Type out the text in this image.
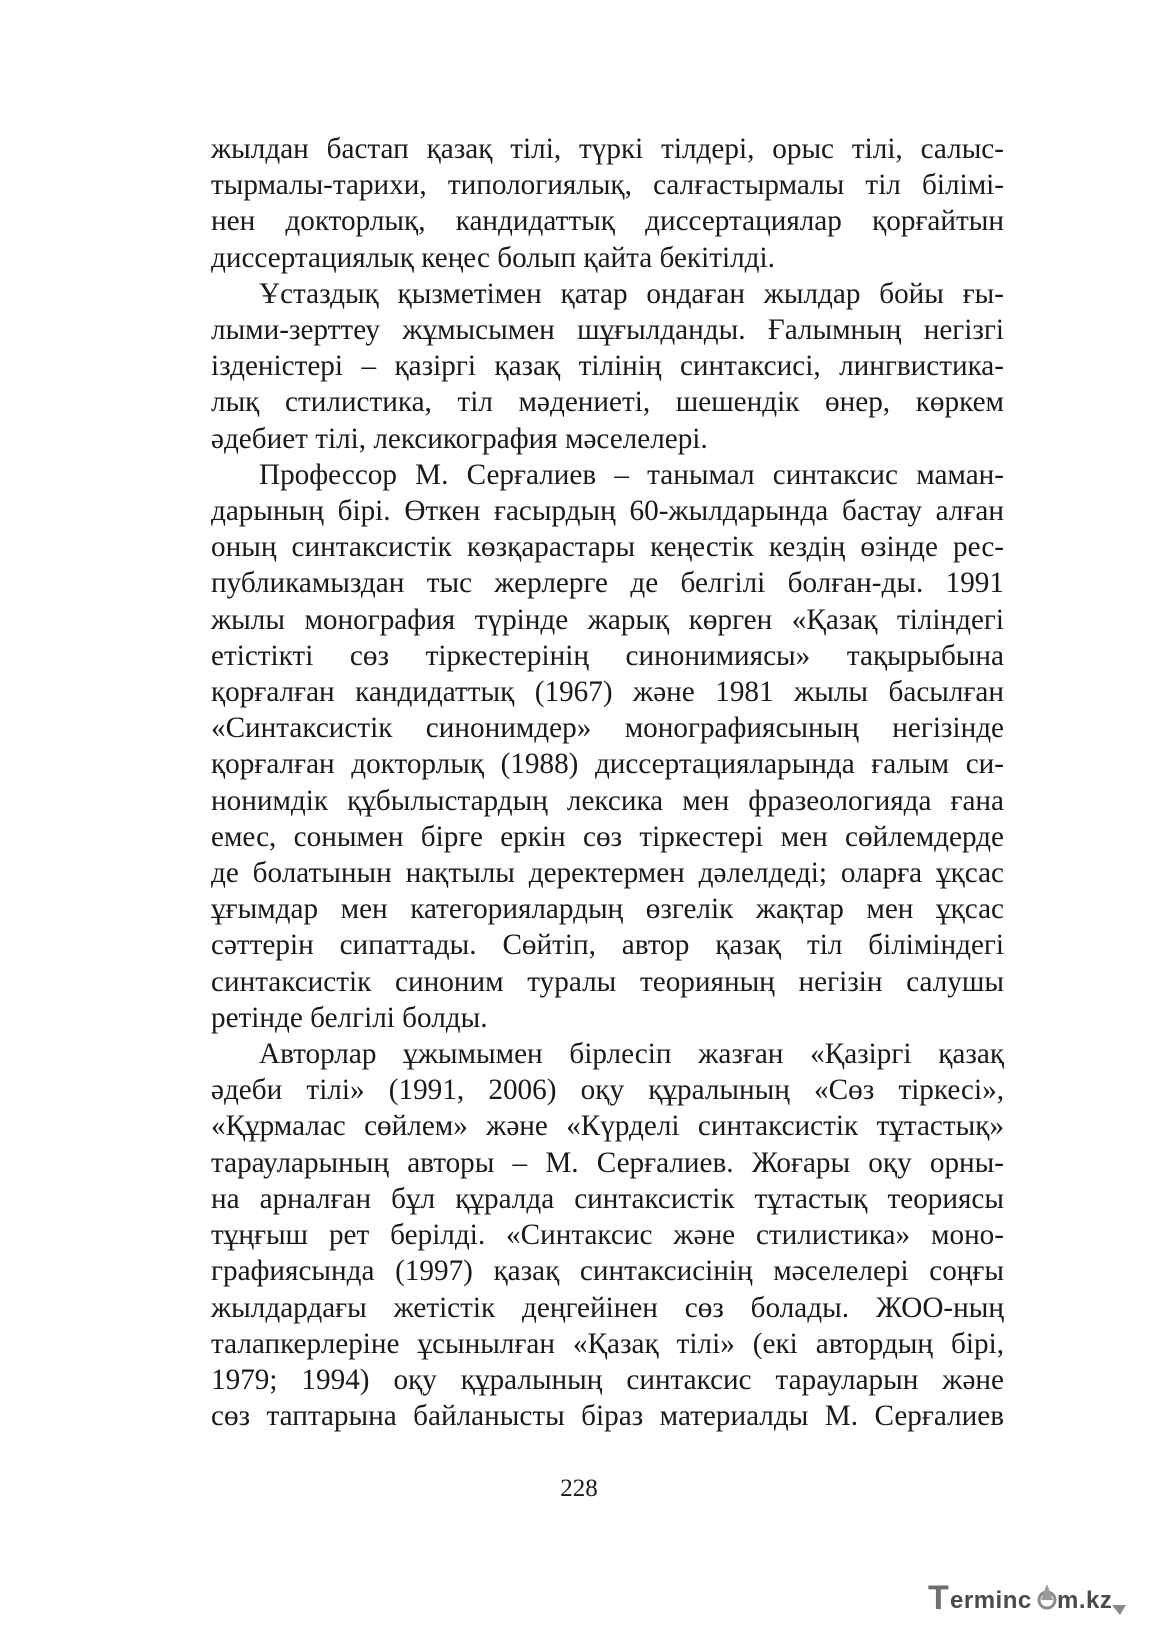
жылдан бастап қазақ тілі, түркі тілдері, орыс тілі, салыс-
тырмалы-тарихи, типологиялық, салғастырмалы тіл білімі-
нен докторлық, кандидаттық диссертациялар қорғайтын
диссертациялық кеңес болып қайта бекітілді.

Ұстаздық қызметімен қатар ондаған жылдар бойы ғы-
лыми-зерттеу жұмысымен шұғылданды. Ғалымның негізгі
ізденістері – қазіргі қазақ тілінің синтаксисі, лингвистика-
лық стилистика, тіл мәдениеті, шешендік өнер, көркем
әдебиет тілі, лексикография мәселелері.

Профессор М. Серғалиев – танымал синтаксис маман-
дарының бірі. Өткен ғасырдың 60-жылдарында бастау алған
оның синтаксистік көзқарастары кеңестік кездің өзінде рес-
публикамыздан тыс жерлерге де белгілі болған-ды. 1991
жылы монография түрінде жарық көрген «Қазақ тіліндегі
етістікті сөз тіркестерінің синонимиясы» тақырыбына
қорғалған кандидаттық (1967) және 1981 жылы басылған
«Синтаксистік синонимдер» монографиясының негізінде
қорғалған докторлық (1988) диссертацияларында ғалым си-
нонимдік құбылыстардың лексика мен фразеологияда ғана
емес, сонымен бірге еркін сөз тіркестері мен сөйлемдерде
де болатынын нақтылы деректермен дәлелдеді; оларға ұқсас
ұғымдар мен категориялардың өзгелік жақтар мен ұқсас
сәттерін сипаттады. Сөйтіп, автор қазақ тіл біліміндегі
синтаксистік синоним туралы теорияның негізін салушы
ретінде белгілі болды.

Авторлар ұжымымен бірлесіп жазған «Қазіргі қазақ
әдеби тілі» (1991, 2006) оқу құралының «Сөз тіркесі»,
«Құрмалас сөйлем» және «Күрделі синтаксистік тұтастық»
тарауларының авторы – М. Серғалиев. Жоғары оқу орны-
на арналған бұл құралда синтаксистік тұтастық теориясы
тұңғыш рет берілді. «Синтаксис және стилистика» моно-
графиясында (1997) қазақ синтаксисінің мәселелері соңғы
жылдардағы жетістік деңгейінен сөз болады. ЖОО-ның
талапкерлеріне ұсынылған «Қазақ тілі» (екі автордың бірі,
1979; 1994) оқу құралының синтаксис тарауларын және
сөз таптарына байланысты біраз материалды М. Серғалиев

228
T erminc m.kz
